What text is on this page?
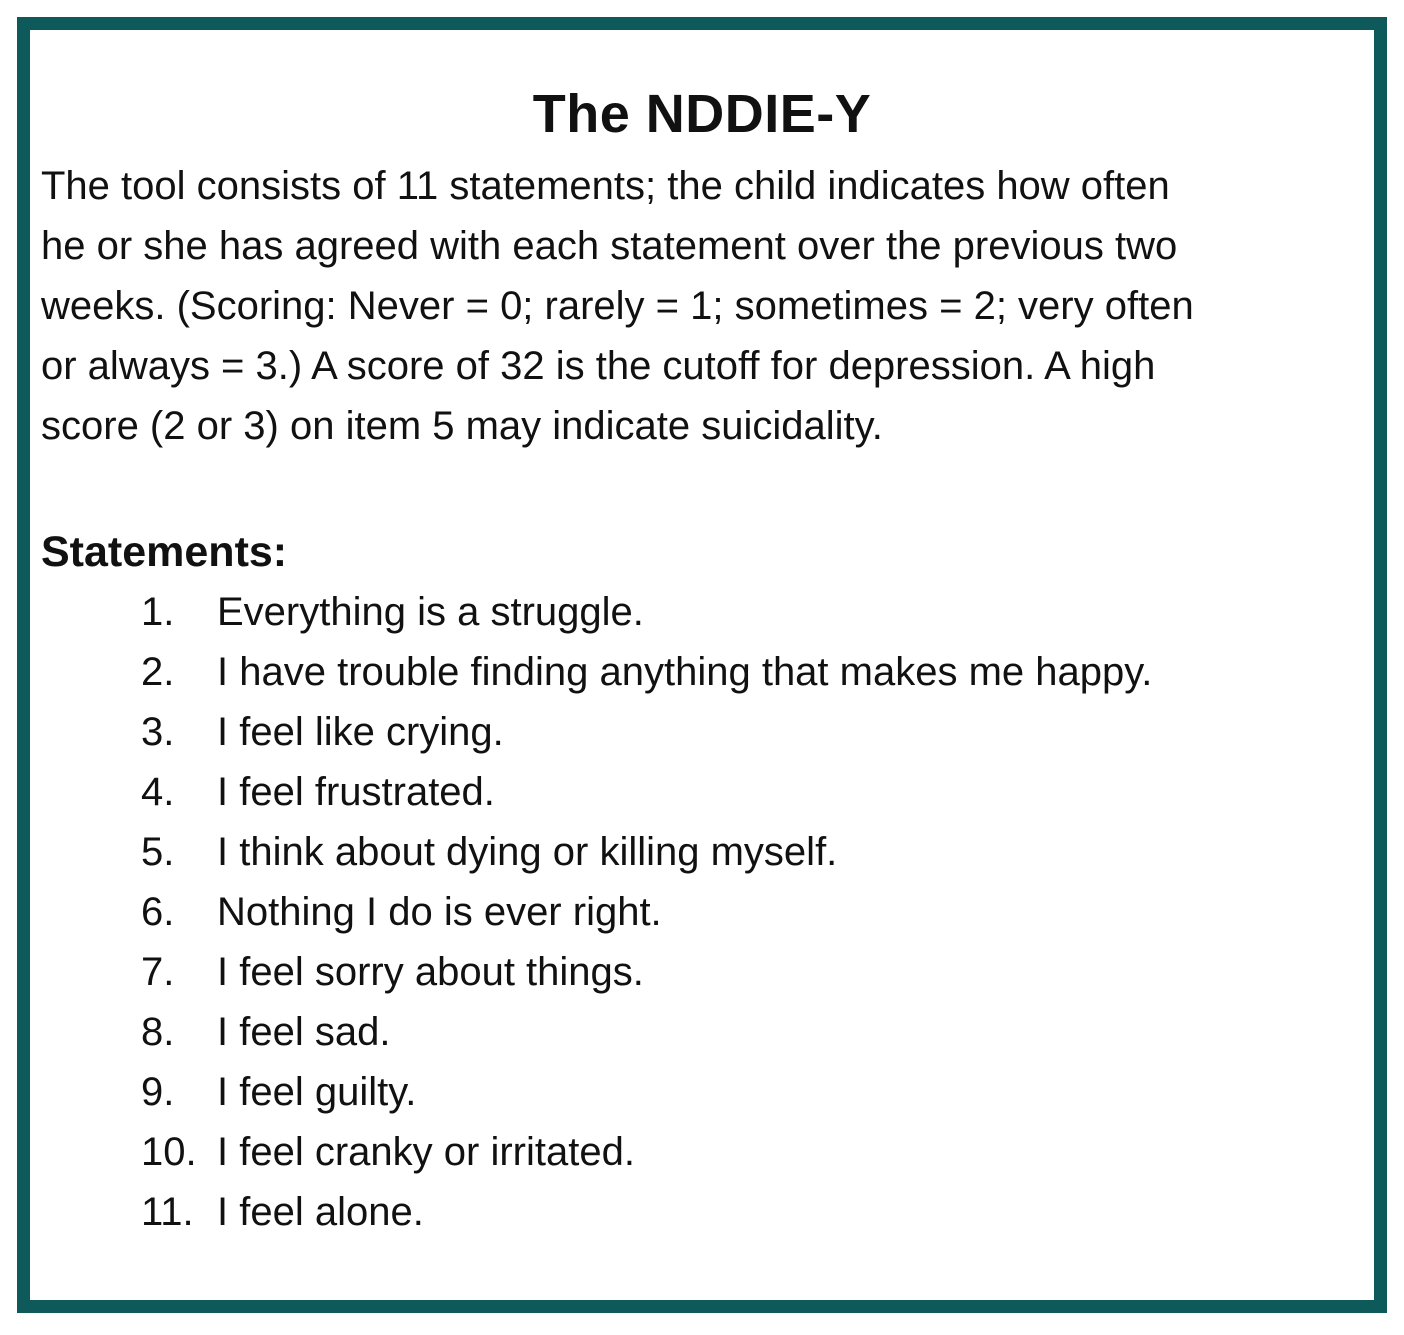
The NDDIE-Y

The tool consists of 11 statements; the child indicates how often
he or she has agreed with each statement over the previous two
weeks. (Scoring: Never = 0; rarely = 1; sometimes = 2; very often
or always = 3.) A score of 32 is the cutoff for depression. A high
score (2 or 3) on item 5 may indicate suicidality.

Statements:
1. Everything is a struggle.
2. I have trouble finding anything that makes me happy.
3. I feel like crying.
4. I feel frustrated.
5. I think about dying or killing myself.
6. Nothing I do is ever right.
7. I feel sorry about things.
8. I feel sad.
9. I feel guilty.
10. I feel cranky or irritated.
11. I feel alone.
